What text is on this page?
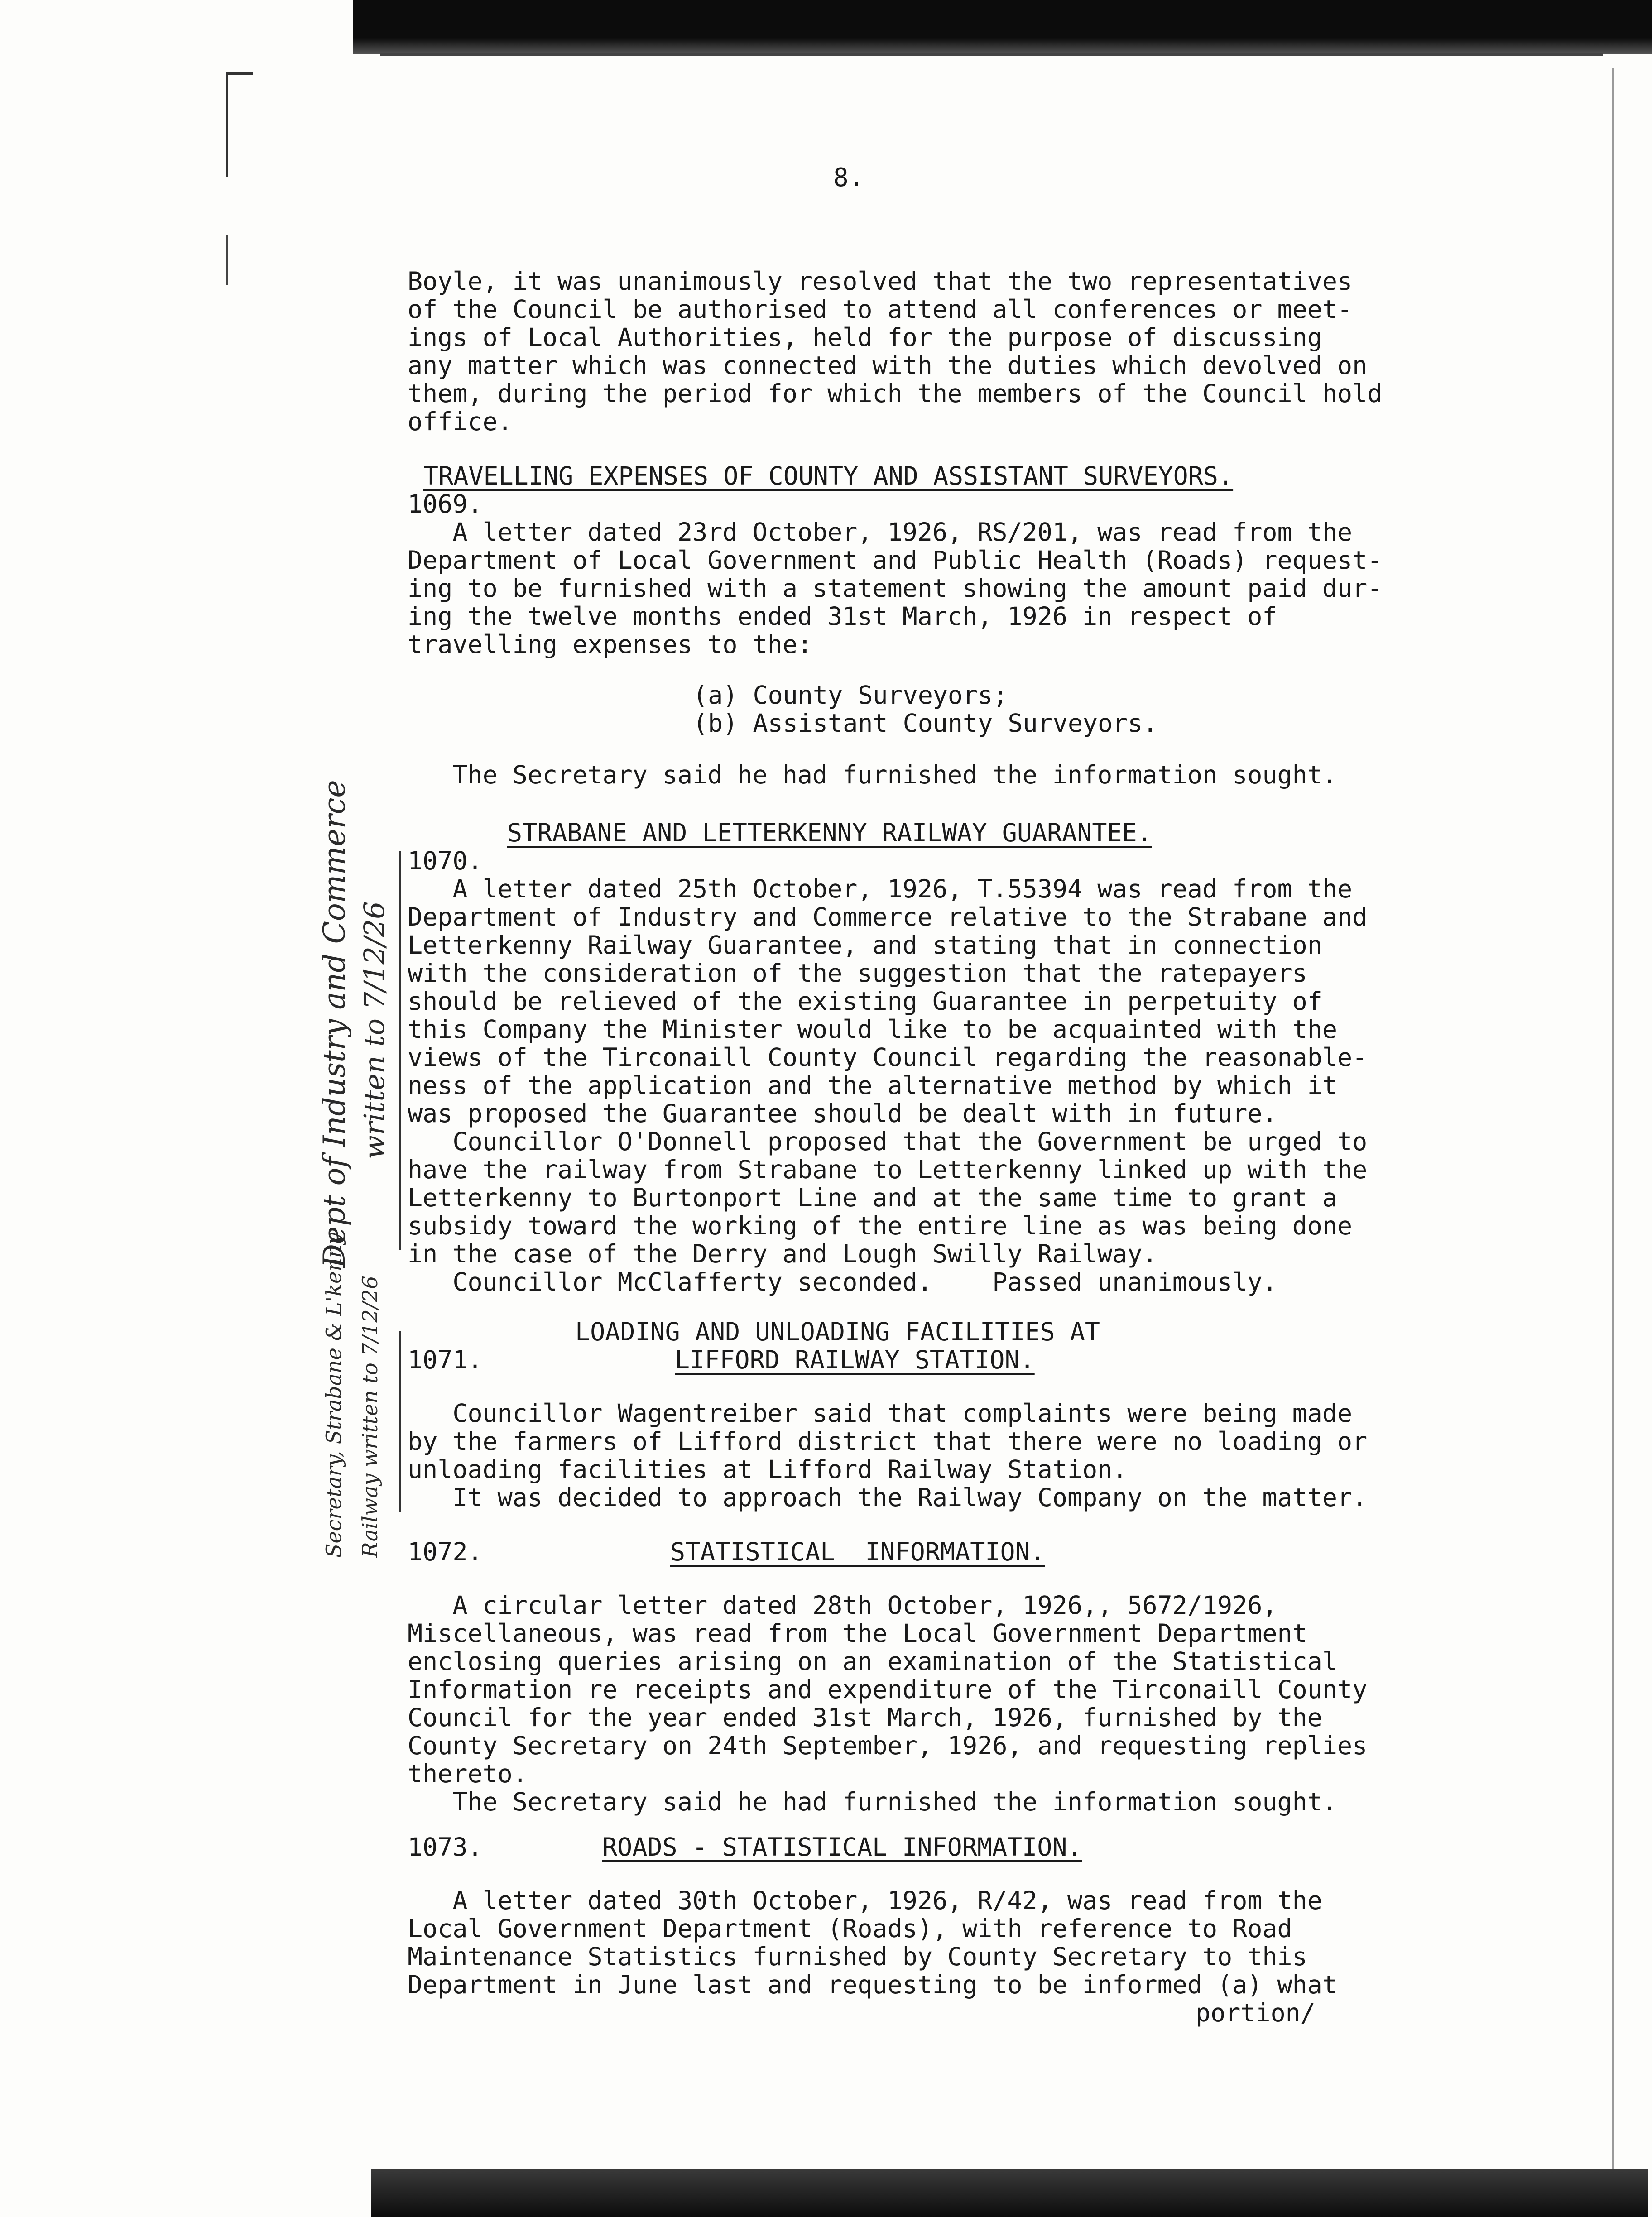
8.
Boyle, it was unanimously resolved that the two representatives
of the Council be authorised to attend all conferences or meet-
ings of Local Authorities, held for the purpose of discussing
any matter which was connected with the duties which devolved on
them, during the period for which the members of the Council hold
office.
TRAVELLING EXPENSES OF COUNTY AND ASSISTANT SURVEYORS.
1069.
A letter dated 23rd October, 1926, RS/201, was read from the
Department of Local Government and Public Health (Roads) request-
ing to be furnished with a statement showing the amount paid dur-
ing the twelve months ended 31st March, 1926 in respect of
travelling expenses to the:
(a) County Surveyors;
(b) Assistant County Surveyors.
The Secretary said he had furnished the information sought.
STRABANE AND LETTERKENNY RAILWAY GUARANTEE.
1070.
A letter dated 25th October, 1926, T.55394 was read from the
Department of Industry and Commerce relative to the Strabane and
Letterkenny Railway Guarantee, and stating that in connection
with the consideration of the suggestion that the ratepayers
should be relieved of the existing Guarantee in perpetuity of
this Company the Minister would like to be acquainted with the
views of the Tirconaill County Council regarding the reasonable-
ness of the application and the alternative method by which it
was proposed the Guarantee should be dealt with in future.
Councillor O'Donnell proposed that the Government be urged to
have the railway from Strabane to Letterkenny linked up with the
Letterkenny to Burtonport Line and at the same time to grant a
subsidy toward the working of the entire line as was being done
in the case of the Derry and Lough Swilly Railway.
Councillor McClafferty seconded.    Passed unanimously.
Dept of Industry and Commerce written to 7/12/26
LOADING AND UNLOADING FACILITIES AT
1071.	LIFFORD RAILWAY STATION.
Councillor Wagentreiber said that complaints were being made
by the farmers of Lifford district that there were no loading or
unloading facilities at Lifford Railway Station.
It was decided to approach the Railway Company on the matter.
Secretary, Strabane & L'kenny Railway written to 7/12/26 1072.	STATISTICAL  INFORMATION.
A circular letter dated 28th October, 1926,, 5672/1926,
Miscellaneous, was read from the Local Government Department
enclosing queries arising on an examination of the Statistical
Information re receipts and expenditure of the Tirconaill County
Council for the year ended 31st March, 1926, furnished by the
County Secretary on 24th September, 1926, and requesting replies
thereto.
The Secretary said he had furnished the information sought.
1073.	ROADS - STATISTICAL INFORMATION.
A letter dated 30th October, 1926, R/42, was read from the
Local Government Department (Roads), with reference to Road
Maintenance Statistics furnished by County Secretary to this
Department in June last and requesting to be informed (a) what
portion/
